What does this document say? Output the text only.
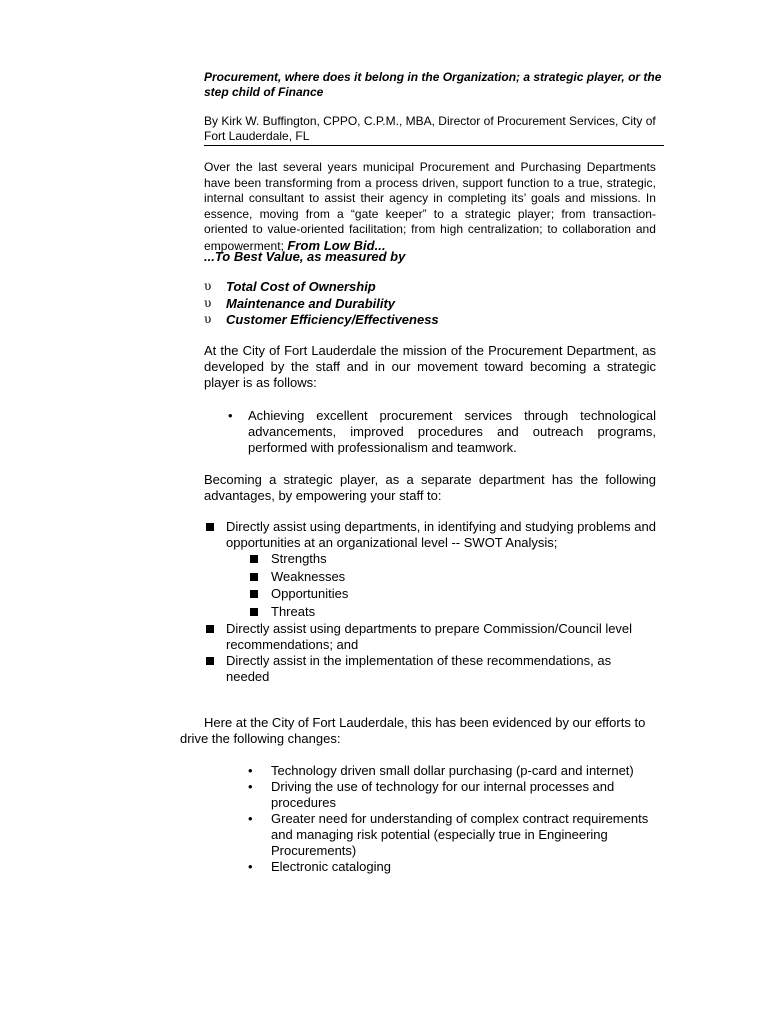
Procurement, where does it belong in the Organization; a strategic player, or the step child of Finance
By Kirk W. Buffington, CPPO, C.P.M., MBA, Director of Procurement Services, City of Fort Lauderdale, FL
Over the last several years municipal Procurement and Purchasing Departments have been transforming from a process driven, support function to a true, strategic, internal consultant to assist their agency in completing its’ goals and missions. In essence, moving from a “gate keeper” to a strategic player; from transaction-oriented to value-oriented facilitation; from high centralization; to collaboration and empowerment; From Low Bid...
...To Best Value, as measured by
υ Total Cost of Ownership
υ Maintenance and Durability
υ Customer Efficiency/Effectiveness
At the City of Fort Lauderdale the mission of the Procurement Department, as developed by the staff and in our movement toward becoming a strategic player is as follows:
• Achieving excellent procurement services through technological advancements, improved procedures and outreach programs, performed with professionalism and teamwork.
Becoming a strategic player, as a separate department has the following advantages, by empowering your staff to:
Directly assist using departments, in identifying and studying problems and opportunities at an organizational level -- SWOT Analysis;
Strengths
Weaknesses
Opportunities
Threats
Directly assist using departments to prepare Commission/Council level recommendations; and
Directly assist in the implementation of these recommendations, as needed
Here at the City of Fort Lauderdale, this has been evidenced by our efforts to drive the following changes:
• Technology driven small dollar purchasing (p-card and internet)
• Driving the use of technology for our internal processes and procedures
• Greater need for understanding of complex contract requirements and managing risk potential (especially true in Engineering Procurements)
• Electronic cataloging
